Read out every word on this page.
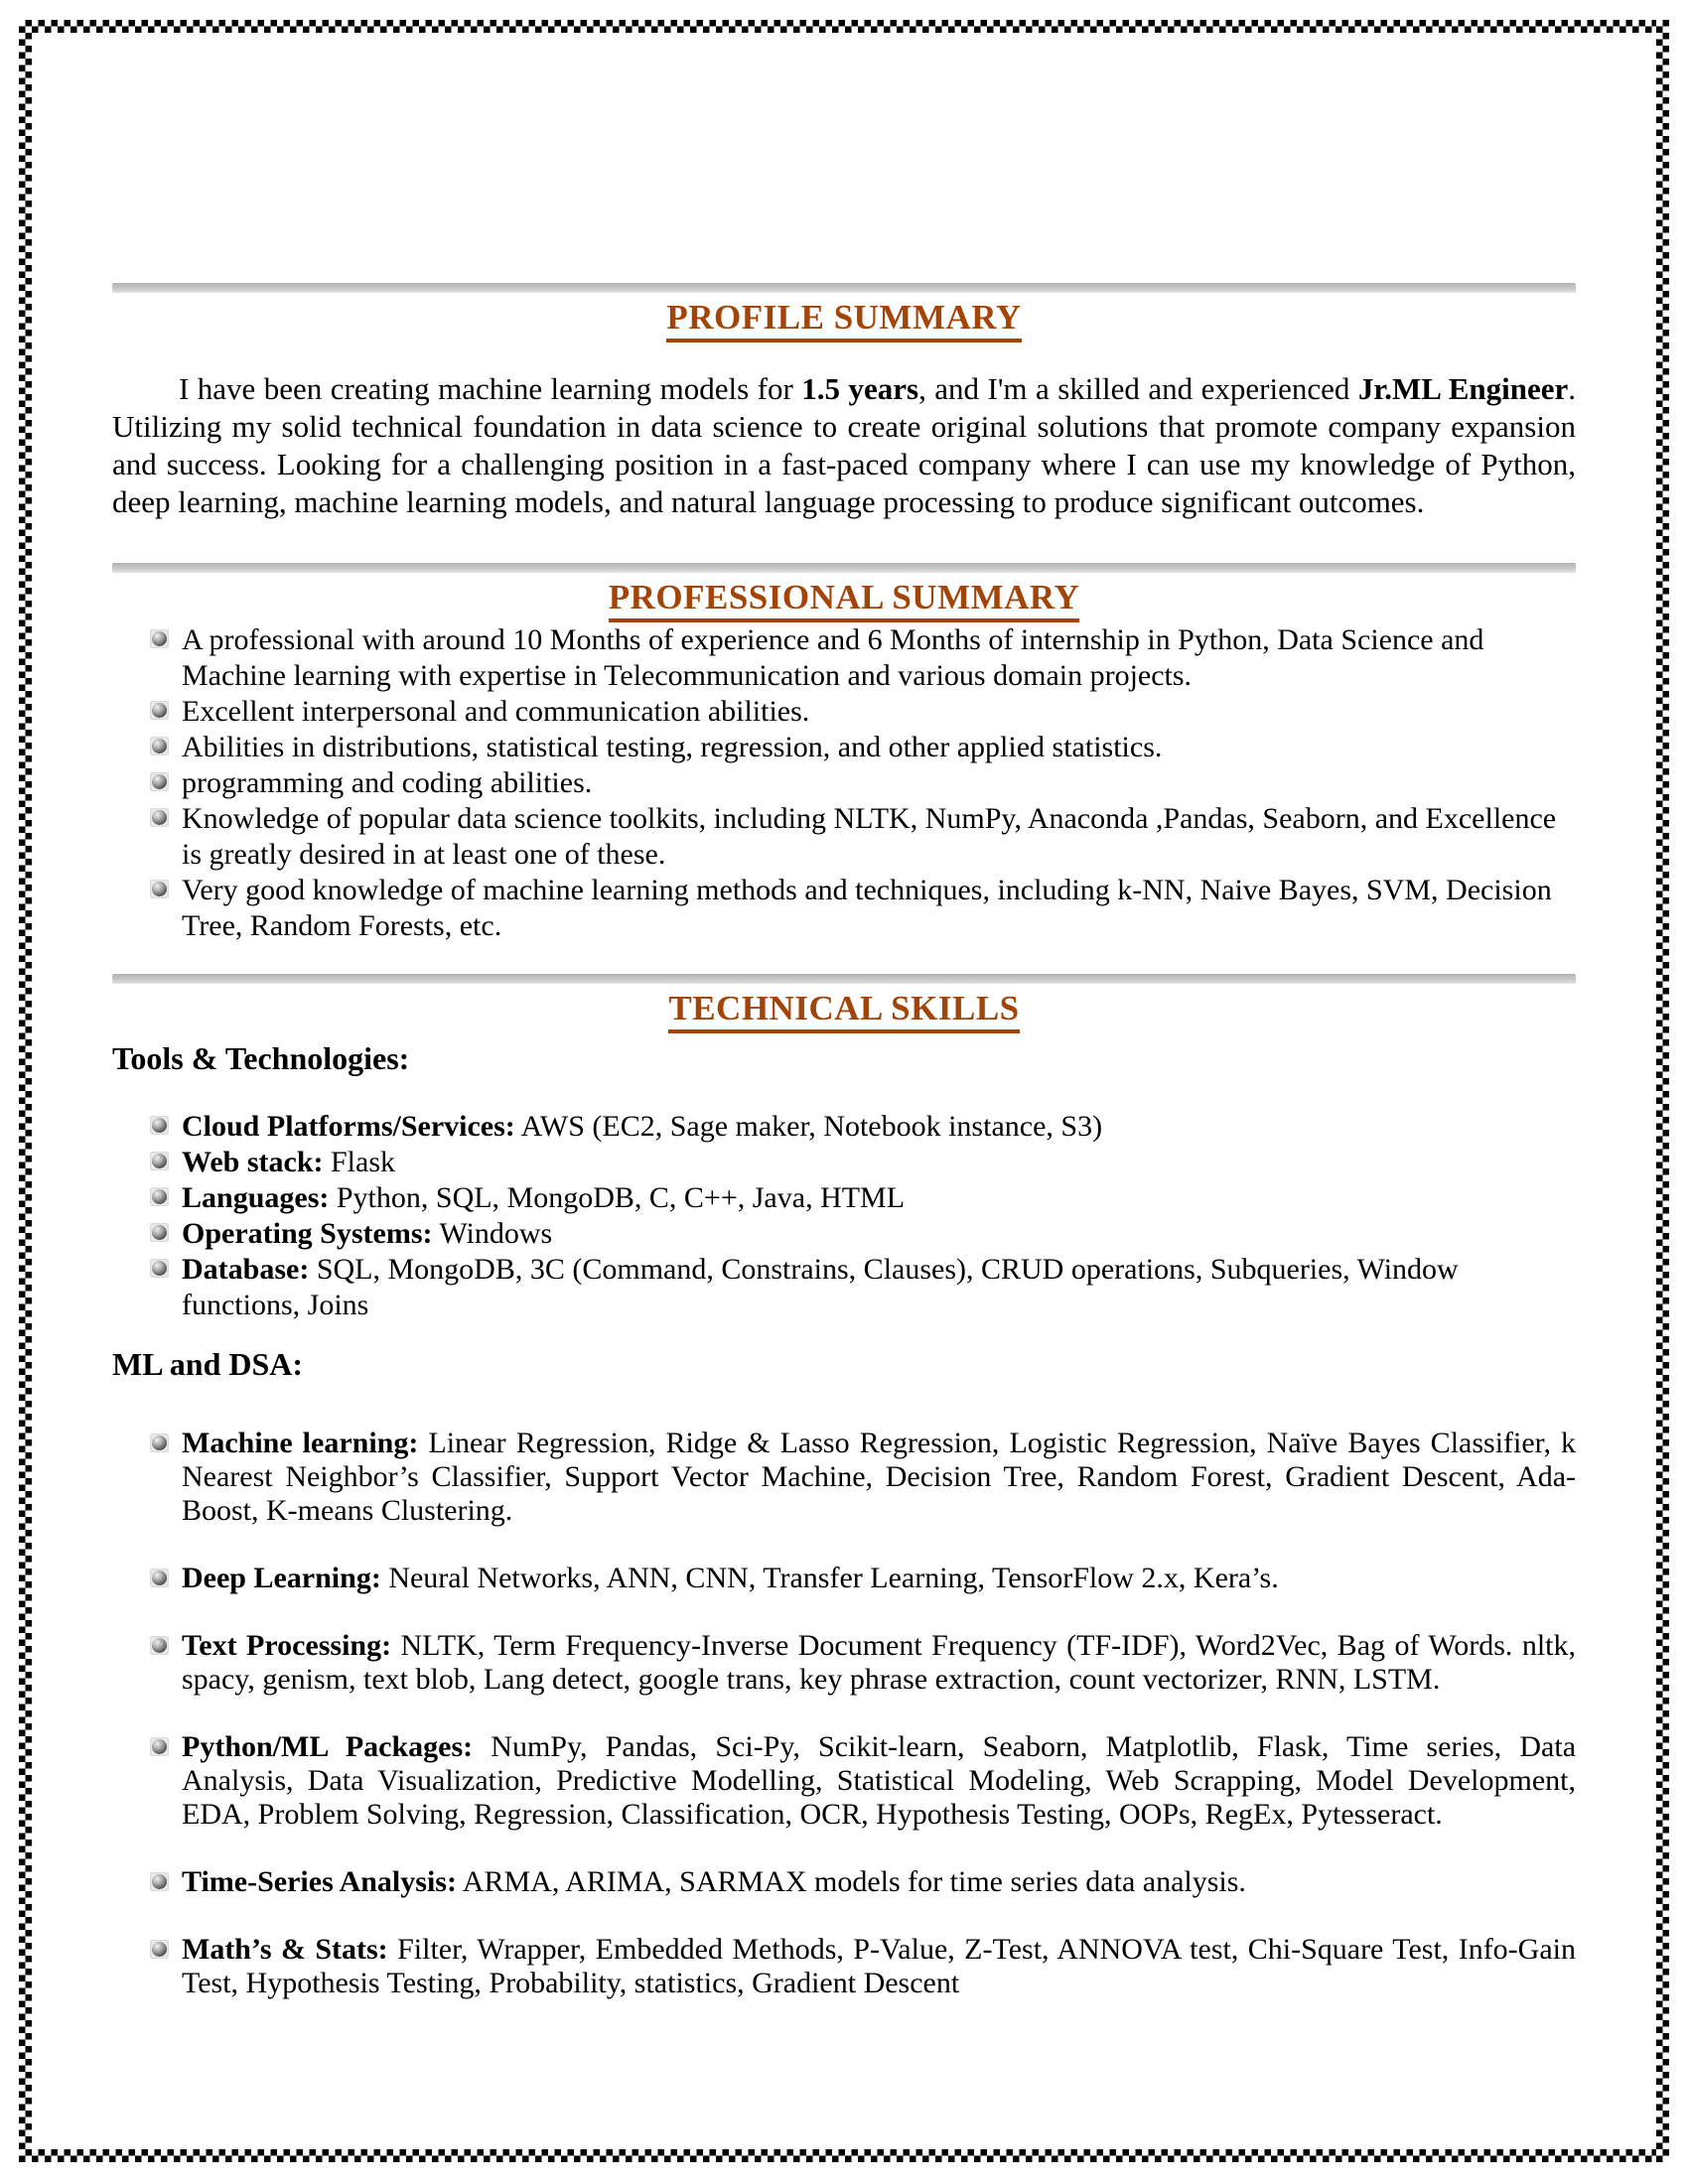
PROFILE SUMMARY

I have been creating machine learning models for 1.5 years, and I'm a skilled and experienced Jr.ML Engineer. Utilizing my solid technical foundation in data science to create original solutions that promote company expansion and success. Looking for a challenging position in a fast-paced company where I can use my knowledge of Python, deep learning, machine learning models, and natural language processing to produce significant outcomes.

PROFESSIONAL SUMMARY
A professional with around 10 Months of experience and 6 Months of internship in Python, Data Science and Machine learning with expertise in Telecommunication and various domain projects.
Excellent interpersonal and communication abilities.
Abilities in distributions, statistical testing, regression, and other applied statistics.
programming and coding abilities.
Knowledge of popular data science toolkits, including NLTK, NumPy, Anaconda ,Pandas, Seaborn, and Excellence is greatly desired in at least one of these.
Very good knowledge of machine learning methods and techniques, including k-NN, Naive Bayes, SVM, Decision Tree, Random Forests, etc.
TECHNICAL SKILLS
Tools & Technologies:
Cloud Platforms/Services: AWS (EC2, Sage maker, Notebook instance, S3)
Web stack: Flask
Languages: Python, SQL, MongoDB, C, C++, Java, HTML
Operating Systems: Windows
Database: SQL, MongoDB, 3C (Command, Constrains, Clauses), CRUD operations, Subqueries, Window functions, Joins
ML and DSA:
Machine learning: Linear Regression, Ridge & Lasso Regression, Logistic Regression, Naïve Bayes Classifier, k Nearest Neighbor’s Classifier, Support Vector Machine, Decision Tree, Random Forest, Gradient Descent, Ada-Boost, K-means Clustering.
Deep Learning: Neural Networks, ANN, CNN, Transfer Learning, TensorFlow 2.x, Kera’s.
Text Processing: NLTK, Term Frequency-Inverse Document Frequency (TF-IDF), Word2Vec, Bag of Words. nltk, spacy, genism, text blob, Lang detect, google trans, key phrase extraction, count vectorizer, RNN, LSTM.
Python/ML Packages: NumPy, Pandas, Sci-Py, Scikit-learn, Seaborn, Matplotlib, Flask, Time series, Data Analysis, Data Visualization, Predictive Modelling, Statistical Modeling, Web Scrapping, Model Development, EDA, Problem Solving, Regression, Classification, OCR, Hypothesis Testing, OOPs, RegEx, Pytesseract.
Time-Series Analysis: ARMA, ARIMA, SARMAX models for time series data analysis.
Math’s & Stats: Filter, Wrapper, Embedded Methods, P-Value, Z-Test, ANNOVA test, Chi-Square Test, Info-Gain Test, Hypothesis Testing, Probability, statistics, Gradient Descent
